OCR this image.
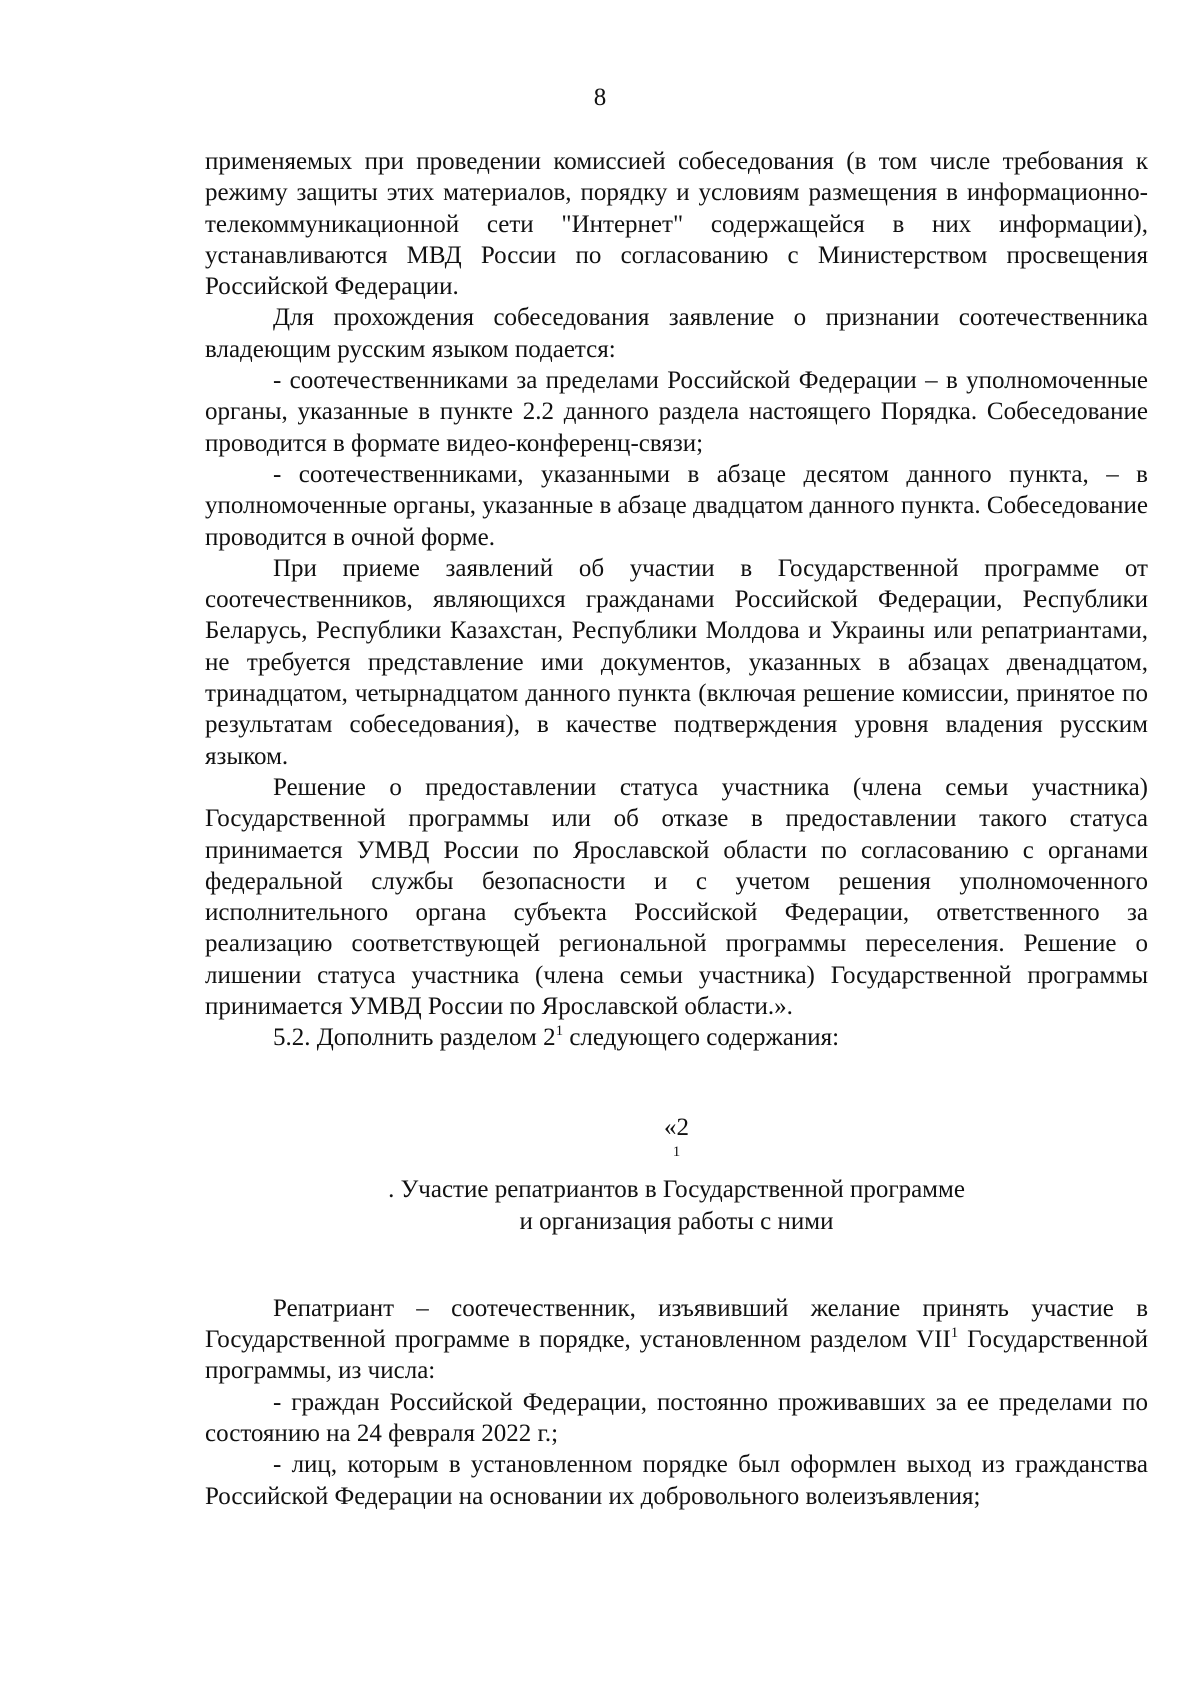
8

применяемых при проведении комиссией собеседования (в том числе требования к режиму защиты этих материалов, порядку и условиям размещения в информационно-телекоммуникационной сети "Интернет" содержащейся в них информации), устанавливаются МВД России по согласованию с Министерством просвещения Российской Федерации.

Для прохождения собеседования заявление о признании соотечественника владеющим русским языком подается:

- соотечественниками за пределами Российской Федерации – в уполномоченные органы, указанные в пункте 2.2 данного раздела настоящего Порядка. Собеседование проводится в формате видео-конференц-связи;

- соотечественниками, указанными в абзаце десятом данного пункта, – в уполномоченные органы, указанные в абзаце двадцатом данного пункта. Собеседование проводится в очной форме.

При приеме заявлений об участии в Государственной программе от соотечественников, являющихся гражданами Российской Федерации, Республики Беларусь, Республики Казахстан, Республики Молдова и Украины или репатриантами, не требуется представление ими документов, указанных в абзацах двенадцатом, тринадцатом, четырнадцатом данного пункта (включая решение комиссии, принятое по результатам собеседования), в качестве подтверждения уровня владения русским языком.

Решение о предоставлении статуса участника (члена семьи участника) Государственной программы или об отказе в предоставлении такого статуса принимается УМВД России по Ярославской области по согласованию с органами федеральной службы безопасности и с учетом решения уполномоченного исполнительного органа субъекта Российской Федерации, ответственного за реализацию соответствующей региональной программы переселения. Решение о лишении статуса участника (члена семьи участника) Государственной программы принимается УМВД России по Ярославской области.».

5.2. Дополнить разделом $2^1$ следующего содержания:

«2
$^1$
. Участие репатриантов в Государственной программе
и организация работы с ними

Репатриант – соотечественник, изъявивший желание принять участие в Государственной программе в порядке, установленном разделом VII$^1$ Государственной программы, из числа:

- граждан Российской Федерации, постоянно проживавших за ее пределами по состоянию на 24 февраля 2022 г.;

- лиц, которым в установленном порядке был оформлен выход из гражданства Российской Федерации на основании их добровольного волеизъявления;
